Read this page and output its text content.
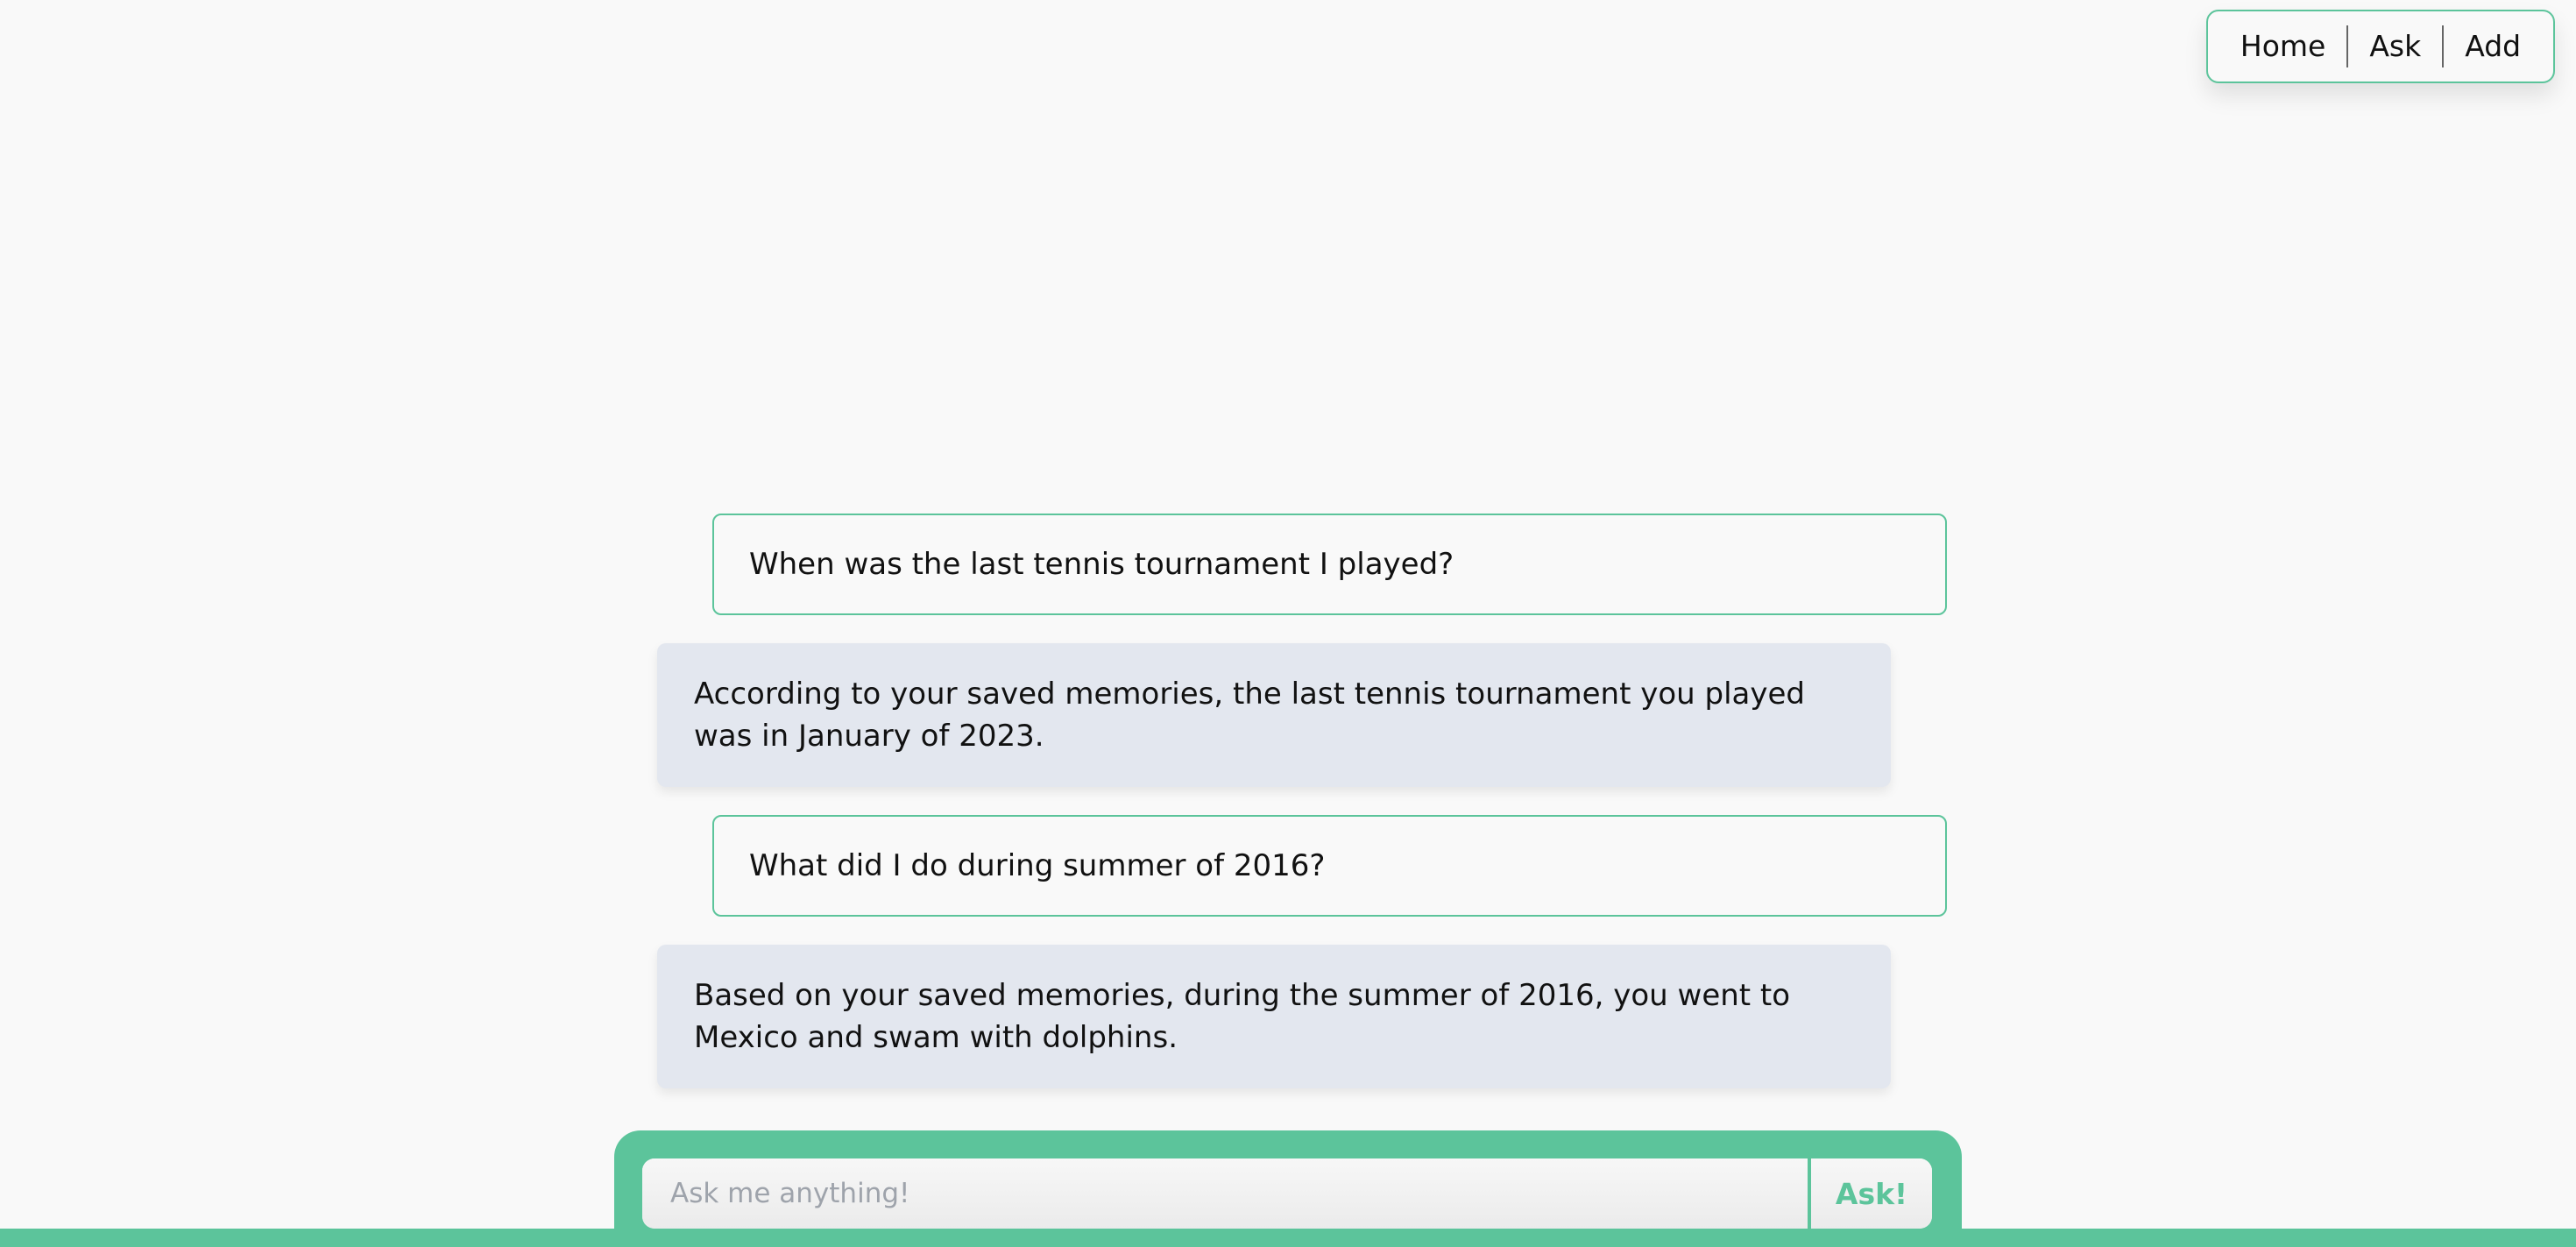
Home	Ask	Add
When was the last tennis tournament I played?
According to your saved memories, the last tennis tournament you played was in January of 2023.
What did I do during summer of 2016?
Based on your saved memories, during the summer of 2016, you went to Mexico and swam with dolphins.
Ask me anything!
Ask!
